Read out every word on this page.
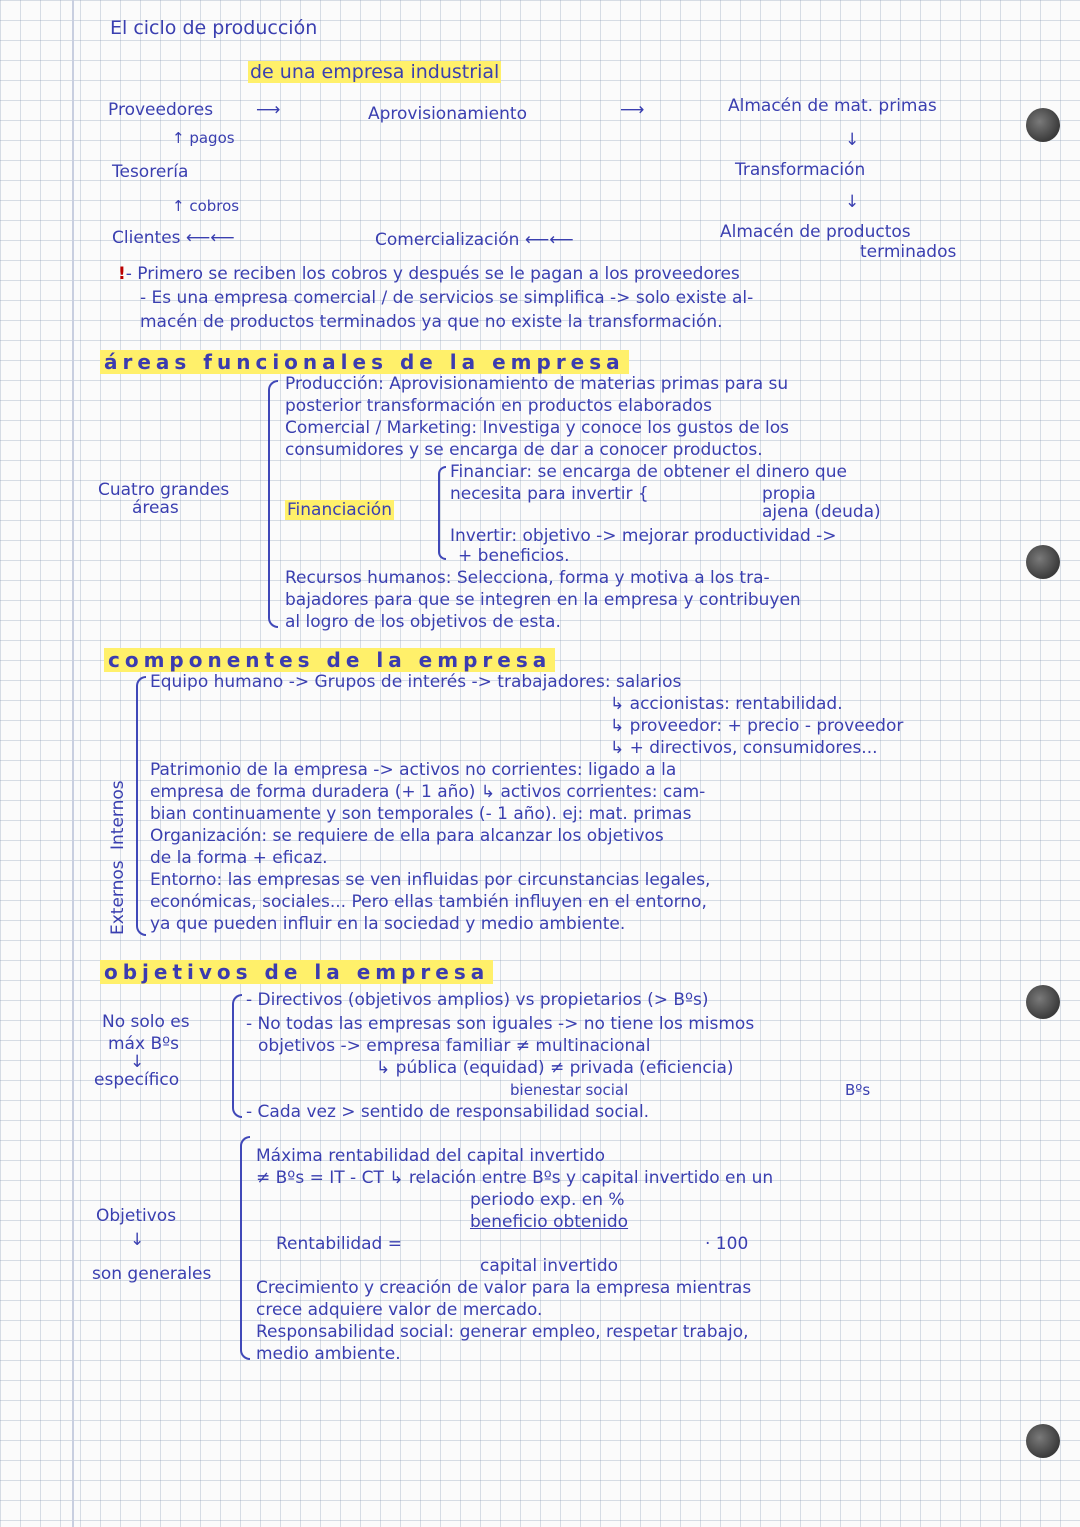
El ciclo de producción
de una empresa industrial
Proveedores	⟶	Aprovisionamiento	⟶	Almacén de mat. primas
↑ pagos
Tesorería
↓
Transformación
↑ cobros	↓
Clientes ⟵⟵	Comercialización ⟵⟵	Almacén de productos
terminados
!- Primero se reciben los cobros y después se le pagan a los proveedores
- Es una empresa comercial / de servicios se simplifica -> solo existe al-
macén de productos terminados ya que no existe la transformación.
áreas funcionales de la empresa
Cuatro grandes
áreas
Producción: Aprovisionamiento de materias primas para su
posterior transformación en productos elaborados
Comercial / Marketing: Investiga y conoce los gustos de los
consumidores y se encarga de dar a conocer productos.
Financiación
Financiar: se encarga de obtener el dinero que
necesita para invertir {	propia
ajena (deuda)
Invertir: objetivo -> mejorar productividad ->
+ beneficios.
Recursos humanos: Selecciona, forma y motiva a los tra-
bajadores para que se integren en la empresa y contribuyen
al logro de los objetivos de esta.
componentes de la empresa
Internos
Externos
Equipo humano -> Grupos de interés -> trabajadores: salarios
↳ accionistas: rentabilidad.
↳ proveedor: + precio - proveedor
↳ + directivos, consumidores...
Patrimonio de la empresa -> activos no corrientes: ligado a la
empresa de forma duradera (+ 1 año) ↳ activos corrientes: cam-
bian continuamente y son temporales (- 1 año). ej: mat. primas
Organización: se requiere de ella para alcanzar los objetivos
de la forma + eficaz.
Entorno: las empresas se ven influidas por circunstancias legales,
económicas, sociales... Pero ellas también influyen en el entorno,
ya que pueden influir en la sociedad y medio ambiente.
objetivos de la empresa
No solo es
máx Bºs
↓
específico
- Directivos (objetivos amplios) vs propietarios (> Bºs)
- No todas las empresas son iguales -> no tiene los mismos
objetivos -> empresa familiar ≠ multinacional
↳ pública (equidad) ≠ privada (eficiencia)
bienestar social	Bºs
- Cada vez > sentido de responsabilidad social.
Objetivos
↓
son generales
Máxima rentabilidad del capital invertido
≠ Bºs = IT - CT ↳ relación entre Bºs y capital invertido en un
periodo exp. en %
beneficio obtenido
Rentabilidad =	· 100
capital invertido
Crecimiento y creación de valor para la empresa mientras
crece adquiere valor de mercado.
Responsabilidad social: generar empleo, respetar trabajo,
medio ambiente.
